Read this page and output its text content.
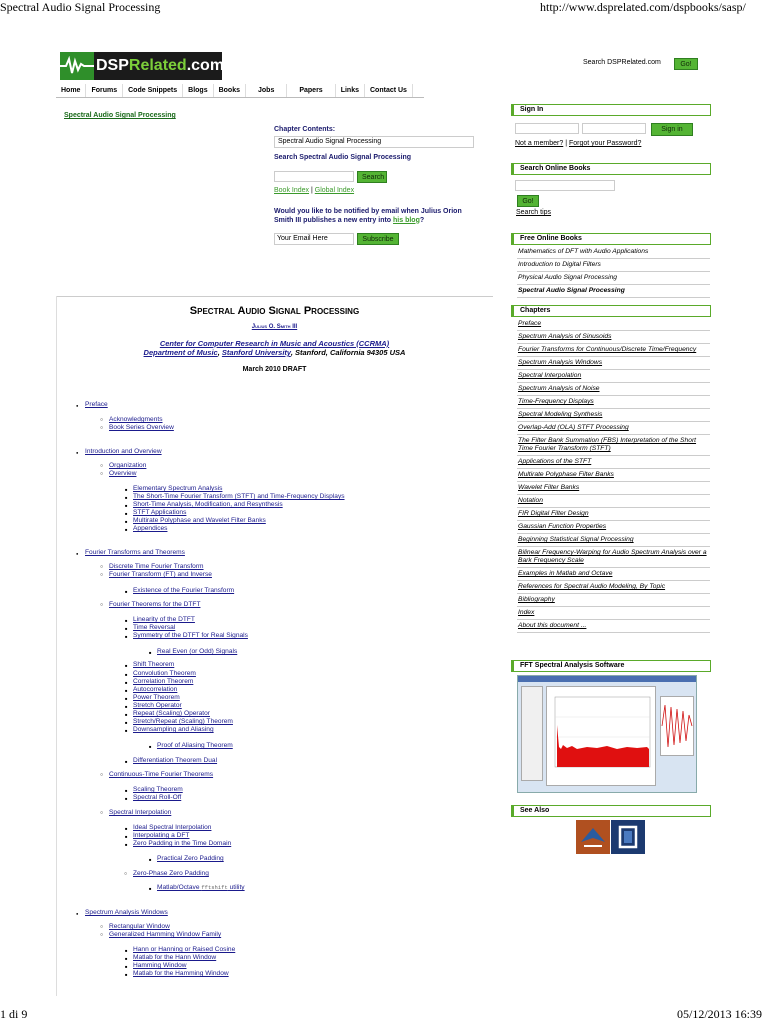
Spectral Audio Signal Processing	http://www.dsprelated.com/dspbooks/sasp/
1 di 9	05/12/2013 16:39
DSPRelated.com	Search DSPRelated.com	Go!
Home	Forums	Code Snippets	Blogs	Books	Jobs	Papers	Links	Contact Us
Spectral Audio Signal Processing
Chapter Contents:
Spectral Audio Signal Processing
Search Spectral Audio Signal Processing
Search
Book Index | Global Index
Would you like to be notified by email when Julius Orion Smith III publishes a new entry into his blog?
Your Email Here	Subscribe
Sign In
Sign in
Not a member? | Forgot your Password?
Search Online Books
Go!
Search tips
Free Online Books
Mathematics of DFT with Audio Applications
Introduction to Digital Filters
Physical Audio Signal Processing
Spectral Audio Signal Processing
Chapters
Preface
Spectrum Analysis of Sinusoids
Fourier Transforms for Continuous/Discrete Time/Frequency
Spectrum Analysis Windows
Spectral Interpolation
Spectrum Analysis of Noise
Time-Frequency Displays
Spectral Modeling Synthesis
Overlap-Add (OLA) STFT Processing
The Filter Bank Summation (FBS) Interpretation of the Short Time Fourier Transform (STFT)
Applications of the STFT
Multirate Polyphase Filter Banks
Wavelet Filter Banks
Notation
FIR Digital Filter Design
Gaussian Function Properties
Beginning Statistical Signal Processing
Bilinear Frequency-Warping for Audio Spectrum Analysis over a Bark Frequency Scale
Examples in Matlab and Octave
References for Spectral Audio Modeling, By Topic
Bibliography
Index
About this document ...
FFT Spectral Analysis Software
See Also
Spectral Audio Signal Processing
Julius O. Smith III
Center for Computer Research in Music and Acoustics (CCRMA)
Department of Music, Stanford University, Stanford, California 94305 USA
March 2010 DRAFT
● Preface
○ Acknowledgments
○ Book Series Overview
● Introduction and Overview
○ Organization
○ Overview
■ Elementary Spectrum Analysis
■ The Short-Time Fourier Transform (STFT) and Time-Frequency Displays
■ Short-Time Analysis, Modification, and Resynthesis
■ STFT Applications
■ Multirate Polyphase and Wavelet Filter Banks
■ Appendices
● Fourier Transforms and Theorems
○ Discrete Time Fourier Transform
○ Fourier Transform (FT) and Inverse
■ Existence of the Fourier Transform
○ Fourier Theorems for the DTFT
■ Linearity of the DTFT
■ Time Reversal
■ Symmetry of the DTFT for Real Signals
■ Real Even (or Odd) Signals
■ Shift Theorem
■ Convolution Theorem
■ Correlation Theorem
■ Autocorrelation
■ Power Theorem
■ Stretch Operator
■ Repeat (Scaling) Operator
■ Stretch/Repeat (Scaling) Theorem
■ Downsampling and Aliasing
■ Proof of Aliasing Theorem
■ Differentiation Theorem Dual
○ Continuous-Time Fourier Theorems
■ Scaling Theorem
■ Spectral Roll-Off
○ Spectral Interpolation
■ Ideal Spectral Interpolation
■ Interpolating a DFT
■ Zero Padding in the Time Domain
■ Practical Zero Padding
○ Zero-Phase Zero Padding
■ Matlab/Octave fftshift utility
● Spectrum Analysis Windows
○ Rectangular Window
○ Generalized Hamming Window Family
■ Hann or Hanning or Raised Cosine
■ Matlab for the Hann Window
■ Hamming Window
■ Matlab for the Hamming Window
